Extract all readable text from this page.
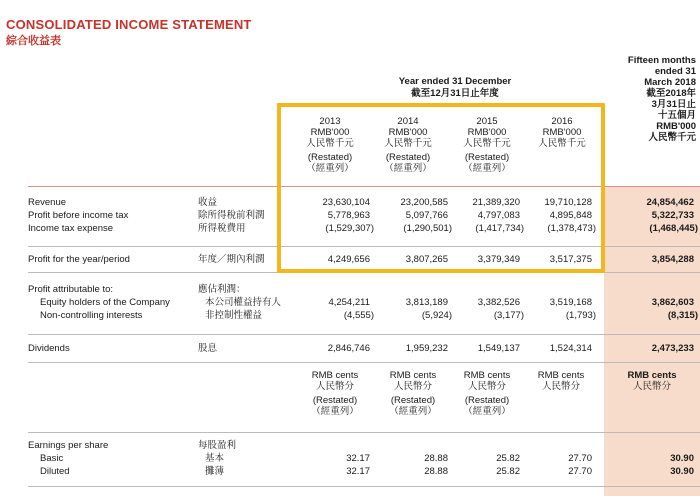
CONSOLIDATED INCOME STATEMENT
綜合收益表
Year ended 31 December
截至12月31日止年度
Fifteen months
ended 31
March 2018
截至2018年
3月31日止
十五個月
RMB'000
人民幣千元
2013
RMB'000
人民幣千元
(Restated)
（經重列）
2014
RMB'000
人民幣千元
(Restated)
（經重列）
2015
RMB'000
人民幣千元
(Restated)
（經重列）
2016
RMB'000
人民幣千元
Revenue	收益	23,630,104	23,200,585	21,389,320	19,710,128	24,854,462
Profit before income tax	除所得稅前利潤	5,778,963	5,097,766	4,797,083	4,895,848	5,322,733
Income tax expense	所得稅費用	(1,529,307)	(1,290,501)	(1,417,734)	(1,378,473)	(1,468,445)
Profit for the year/period	年度／期內利潤	4,249,656	3,807,265	3,379,349	3,517,375	3,854,288
Profit attributable to:	應佔利潤：
Equity holders of the Company	本公司權益持有人	4,254,211	3,813,189	3,382,526	3,519,168	3,862,603
Non-controlling interests	非控制性權益	(4,555)	(5,924)	(3,177)	(1,793)	(8,315)
Dividends	股息	2,846,746	1,959,232	1,549,137	1,524,314	2,473,233
RMB cents
人民幣分
(Restated)
（經重列）
RMB cents
人民幣分
(Restated)
（經重列）
RMB cents
人民幣分
(Restated)
（經重列）
RMB cents
人民幣分
RMB cents
人民幣分
Earnings per share	每股盈利
Basic	基本	32.17	28.88	25.82	27.70	30.90
Diluted	攤薄	32.17	28.88	25.82	27.70	30.90
